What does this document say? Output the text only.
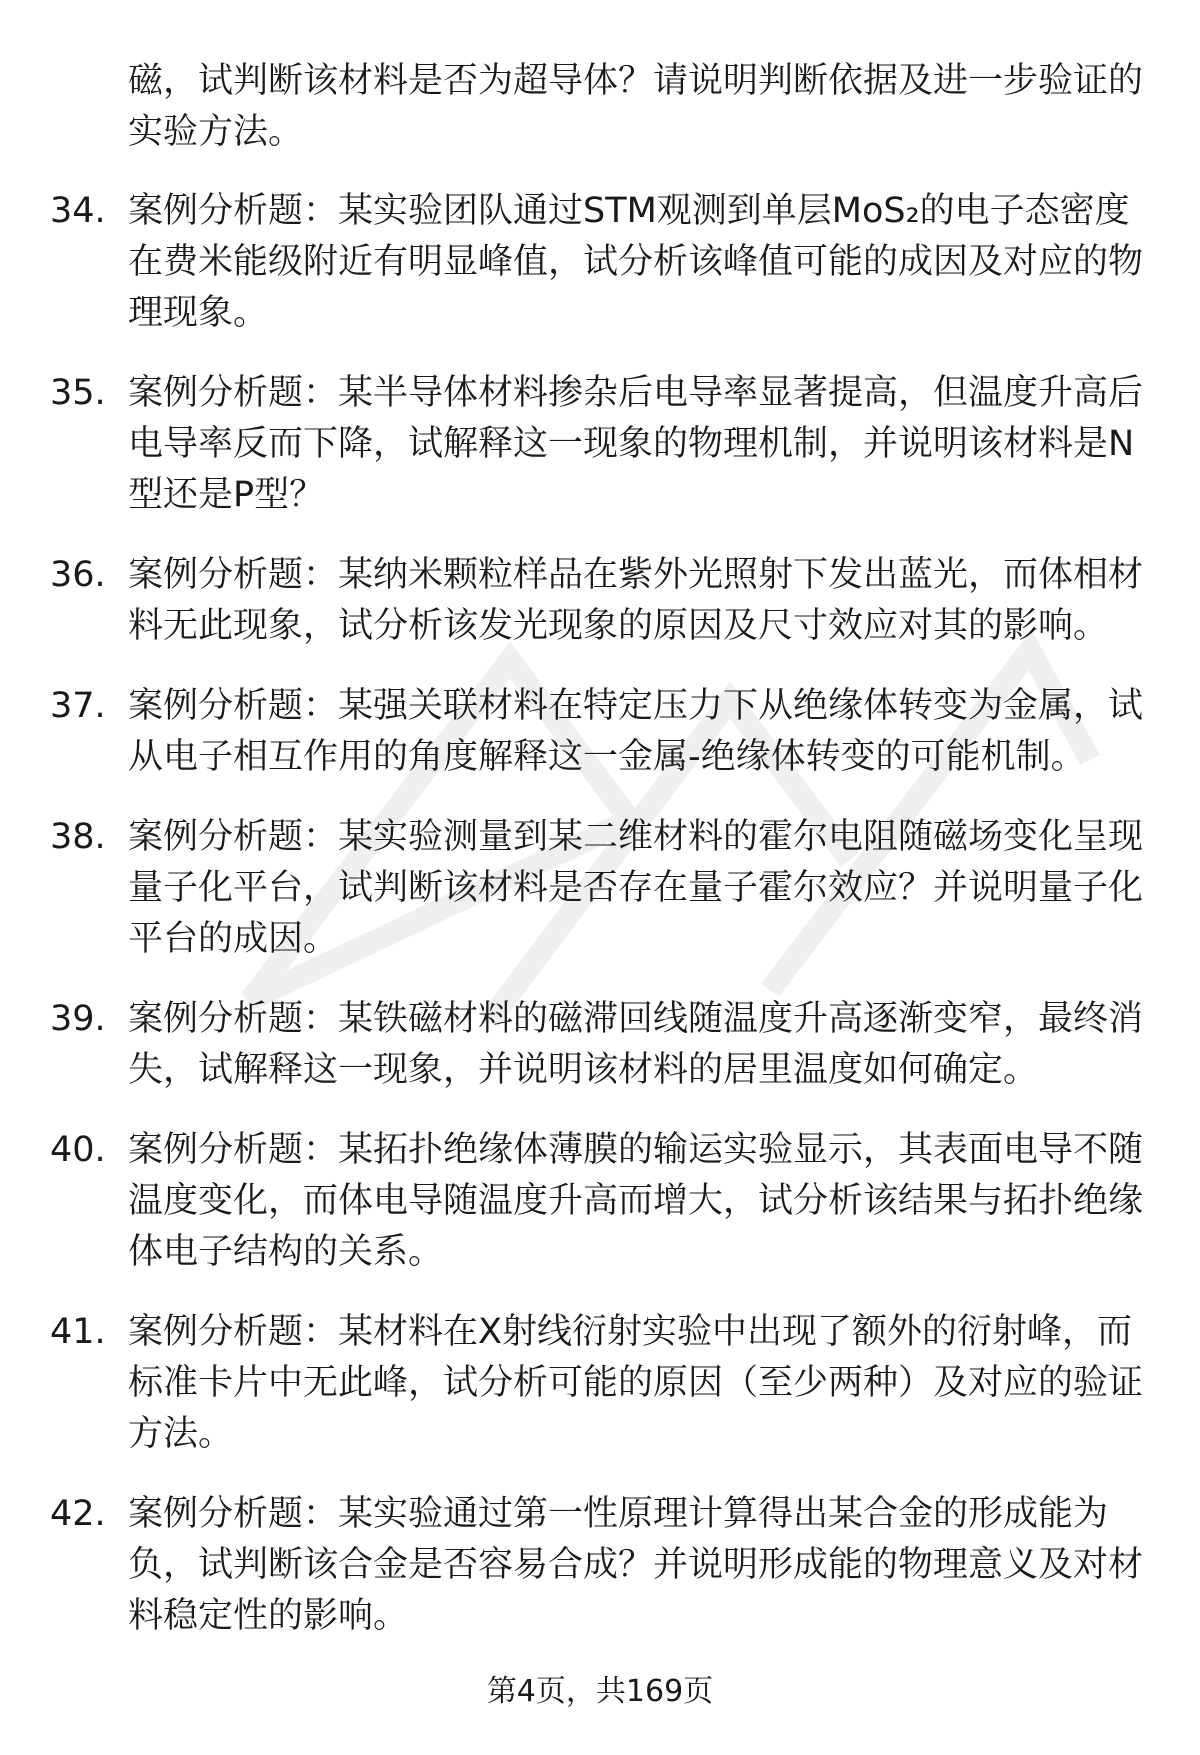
磁，试判断该材料是否为超导体？请说明判断依据及进一步验证的实验方法。
34. 案例分析题：某实验团队通过STM观测到单层MoS₂的电子态密度在费米能级附近有明显峰值，试分析该峰值可能的成因及对应的物理现象。
35. 案例分析题：某半导体材料掺杂后电导率显著提高，但温度升高后电导率反而下降，试解释这一现象的物理机制，并说明该材料是N型还是P型？
36. 案例分析题：某纳米颗粒样品在紫外光照射下发出蓝光，而体相材料无此现象，试分析该发光现象的原因及尺寸效应对其的影响。
37. 案例分析题：某强关联材料在特定压力下从绝缘体转变为金属，试从电子相互作用的角度解释这一金属-绝缘体转变的可能机制。
38. 案例分析题：某实验测量到某二维材料的霍尔电阻随磁场变化呈现量子化平台，试判断该材料是否存在量子霍尔效应？并说明量子化平台的成因。
39. 案例分析题：某铁磁材料的磁滞回线随温度升高逐渐变窄，最终消失，试解释这一现象，并说明该材料的居里温度如何确定。
40. 案例分析题：某拓扑绝缘体薄膜的输运实验显示，其表面电导不随温度变化，而体电导随温度升高而增大，试分析该结果与拓扑绝缘体电子结构的关系。
41. 案例分析题：某材料在X射线衍射实验中出现了额外的衍射峰，而标准卡片中无此峰，试分析可能的原因（至少两种）及对应的验证方法。
42. 案例分析题：某实验通过第一性原理计算得出某合金的形成能为负，试判断该合金是否容易合成？并说明形成能的物理意义及对材料稳定性的影响。
第4页，共169页
